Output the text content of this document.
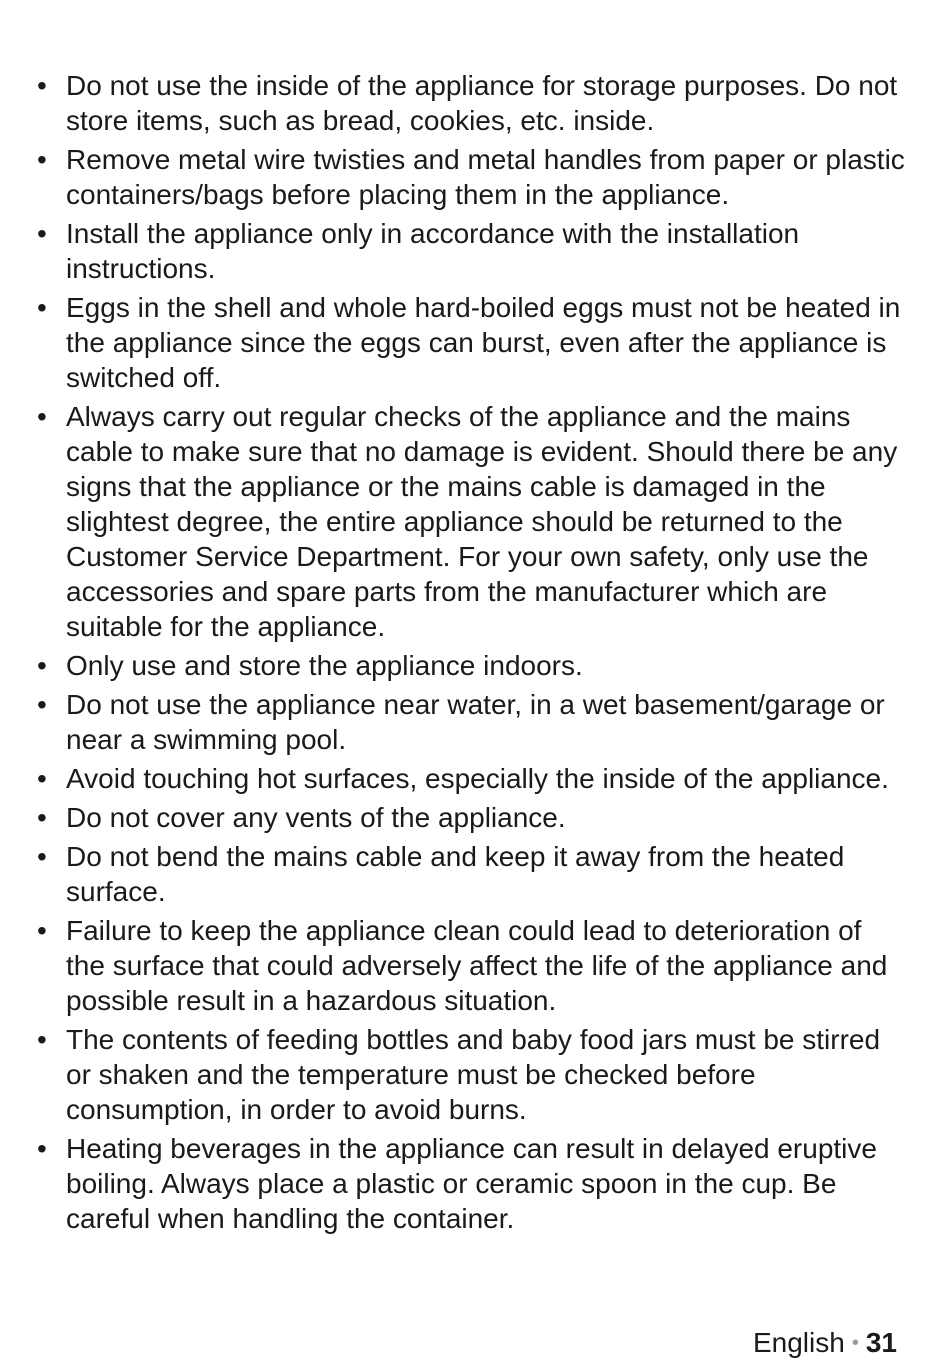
• Do not use the inside of the appliance for storage purposes. Do not store items, such as bread, cookies, etc. inside.
• Remove metal wire twisties and metal handles from paper or plastic containers/bags before placing them in the appliance.
• Install the appliance only in accordance with the installation instructions.
• Eggs in the shell and whole hard-boiled eggs must not be heated in the appliance since the eggs can burst, even after the appliance is switched off.
• Always carry out regular checks of the appliance and the mains cable to make sure that no damage is evident. Should there be any signs that the appliance or the mains cable is damaged in the slightest degree, the entire appliance should be returned to the Customer Service Department. For your own safety, only use the accessories and spare parts from the manufacturer which are suitable for the appliance.
• Only use and store the appliance indoors.
• Do not use the appliance near water, in a wet basement/garage or near a swimming pool.
• Avoid touching hot surfaces, especially the inside of the appliance.
• Do not cover any vents of the appliance.
• Do not bend the mains cable and keep it away from the heated surface.
• Failure to keep the appliance clean could lead to deterioration of the surface that could adversely affect the life of the appliance and possible result in a hazardous situation.
• The contents of feeding bottles and baby food jars must be stirred or shaken and the temperature must be checked before consumption, in order to avoid burns.
• Heating beverages in the appliance can result in delayed eruptive boiling. Always place a plastic or ceramic spoon in the cup. Be careful when handling the container.
English • 31
